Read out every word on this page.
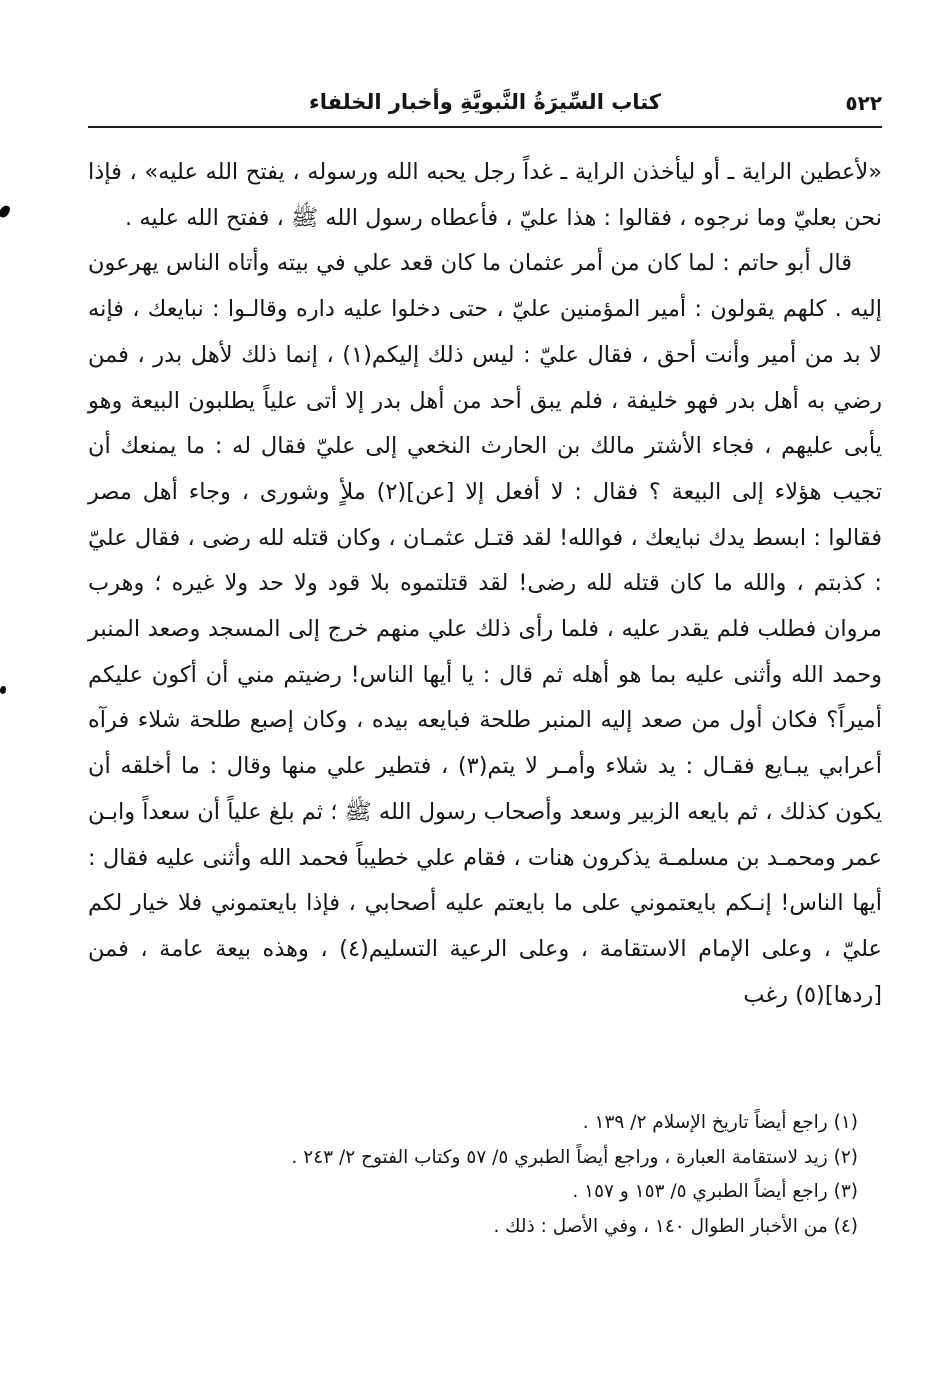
كتاب السِّيرَةُ النَّبويَّةِ وأخبار الخلفاء	٥٢٢

«لأعطين الراية ـ أو ليأخذن الراية ـ غداً رجل يحبه الله ورسوله ، يفتح الله عليه» ، فإذا نحن بعليّ وما نرجوه ، فقالوا : هذا عليّ ، فأعطاه رسول الله ﷺ ، ففتح الله عليه .

قال أبو حاتم : لما كان من أمر عثمان ما كان قعد علي في بيته وأتاه الناس يهرعون إليه . كلهم يقولون : أمير المؤمنين عليّ ، حتى دخلوا عليه داره وقالـوا : نبايعك ، فإنه لا بد من أمير وأنت أحق ، فقال عليّ : ليس ذلك إليكم(١) ، إنما ذلك لأهل بدر ، فمن رضي به أهل بدر فهو خليفة ، فلم يبق أحد من أهل بدر إلا أتى علياً يطلبون البيعة وهو يأبى عليهم ، فجاء الأشتر مالك بن الحارث النخعي إلى عليّ فقال له : ما يمنعك أن تجيب هؤلاء إلى البيعة ؟ فقال : لا أفعل إلا [عن](٢) ملأٍ وشورى ، وجاء أهل مصر فقالوا : ابسط يدك نبايعك ، فوالله! لقد قتـل عثمـان ، وكان قتله لله رضى ، فقال عليّ : كذبتم ، والله ما كان قتله لله رضى! لقد قتلتموه بلا قود ولا حد ولا غيره ؛ وهرب مروان فطلب فلم يقدر عليه ، فلما رأى ذلك علي منهم خرج إلى المسجد وصعد المنبر وحمد الله وأثنى عليه بما هو أهله ثم قال : يا أيها الناس! رضيتم مني أن أكون عليكم أميراً؟ فكان أول من صعد إليه المنبر طلحة فبايعه بيده ، وكان إصبع طلحة شلاء فرآه أعرابي يبـايع فقـال : يد شلاء وأمـر لا يتم(٣) ، فتطير علي منها وقال : ما أخلقه أن يكون كذلك ، ثم بايعه الزبير وسعد وأصحاب رسول الله ﷺ ؛ ثم بلغ علياً أن سعداً وابـن عمر ومحمـد بن مسلمـة يذكرون هنات ، فقام علي خطيباً فحمد الله وأثنى عليه فقال : أيها الناس! إنـكم بايعتموني على ما بايعتم عليه أصحابي ، فإذا بايعتموني فلا خيار لكم عليّ ، وعلى الإمام الاستقامة ، وعلى الرعية التسليم(٤) ، وهذه بيعة عامة ، فمن [ردها](٥) رغب

(١) راجع أيضاً تاريخ الإسلام ٢/ ١٣٩ .
(٢) زيد لاستقامة العبارة ، وراجع أيضاً الطبري ٥/ ٥٧ وكتاب الفتوح ٢/ ٢٤٣ .
(٣) راجع أيضاً الطبري ٥/ ١٥٣ و ١٥٧ .
(٤) من الأخبار الطوال ١٤٠ ، وفي الأصل : ذلك .
